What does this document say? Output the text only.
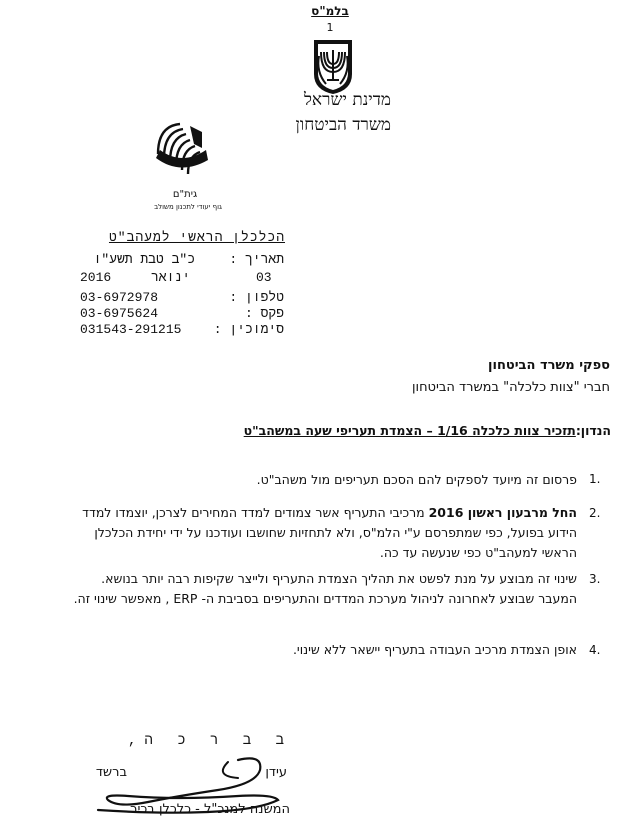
בלמ"ס
1
מדינת ישראל
משרד הביטחון
גית"ם
גוף יעודי לתכנון משולב
הכלכלן הראשי למעהב"ט
תאריך :
כ"ב טבת תשע"ו
03
ינואר
2016
טלפון :
03-6972978
פקס :
03-6975624
סימוכין :
031543-291215
ספקי משרד הביטחון
חברי "צוות כלכלה" במשרד הביטחון
הנדון:תזכיר צוות כלכלה 1/16 – הצמדת תעריפי שעה במשהב"ט
1.
פרסום זה מיועד לספקים להם הסכם תעריפים מול משהב"ט.
2.
החל מרבעון ראשון 2016 מרכיבי התעריף אשר צמודים למדד המחירים לצרכן, יוצמדו למדד הידוע בפועל, כפי שמתפרסם ע"י הלמ"ס, ולא לתחזיות שחושבו ועודכנו על ידי יחידת הכלכלן הראשי למעהב"ט כפי שנעשה עד כה.
3.
שינוי זה מבוצע על מנת לפשט את תהליך הצמדת התעריף ולייצר שקיפות רבה יותר בנושא. המעבר שבוצע לאחרונה לניהול מערכת המדדים והתעריפים בסביבת ה- ERP , מאפשר שינוי זה.
4.
אופן הצמדת מרכיב העבודה בתעריף יישאר ללא שינוי.
ב ב ר כ ה,
עידן
ברשד
המשנה למנכ"ל - כלכלן בכיר
